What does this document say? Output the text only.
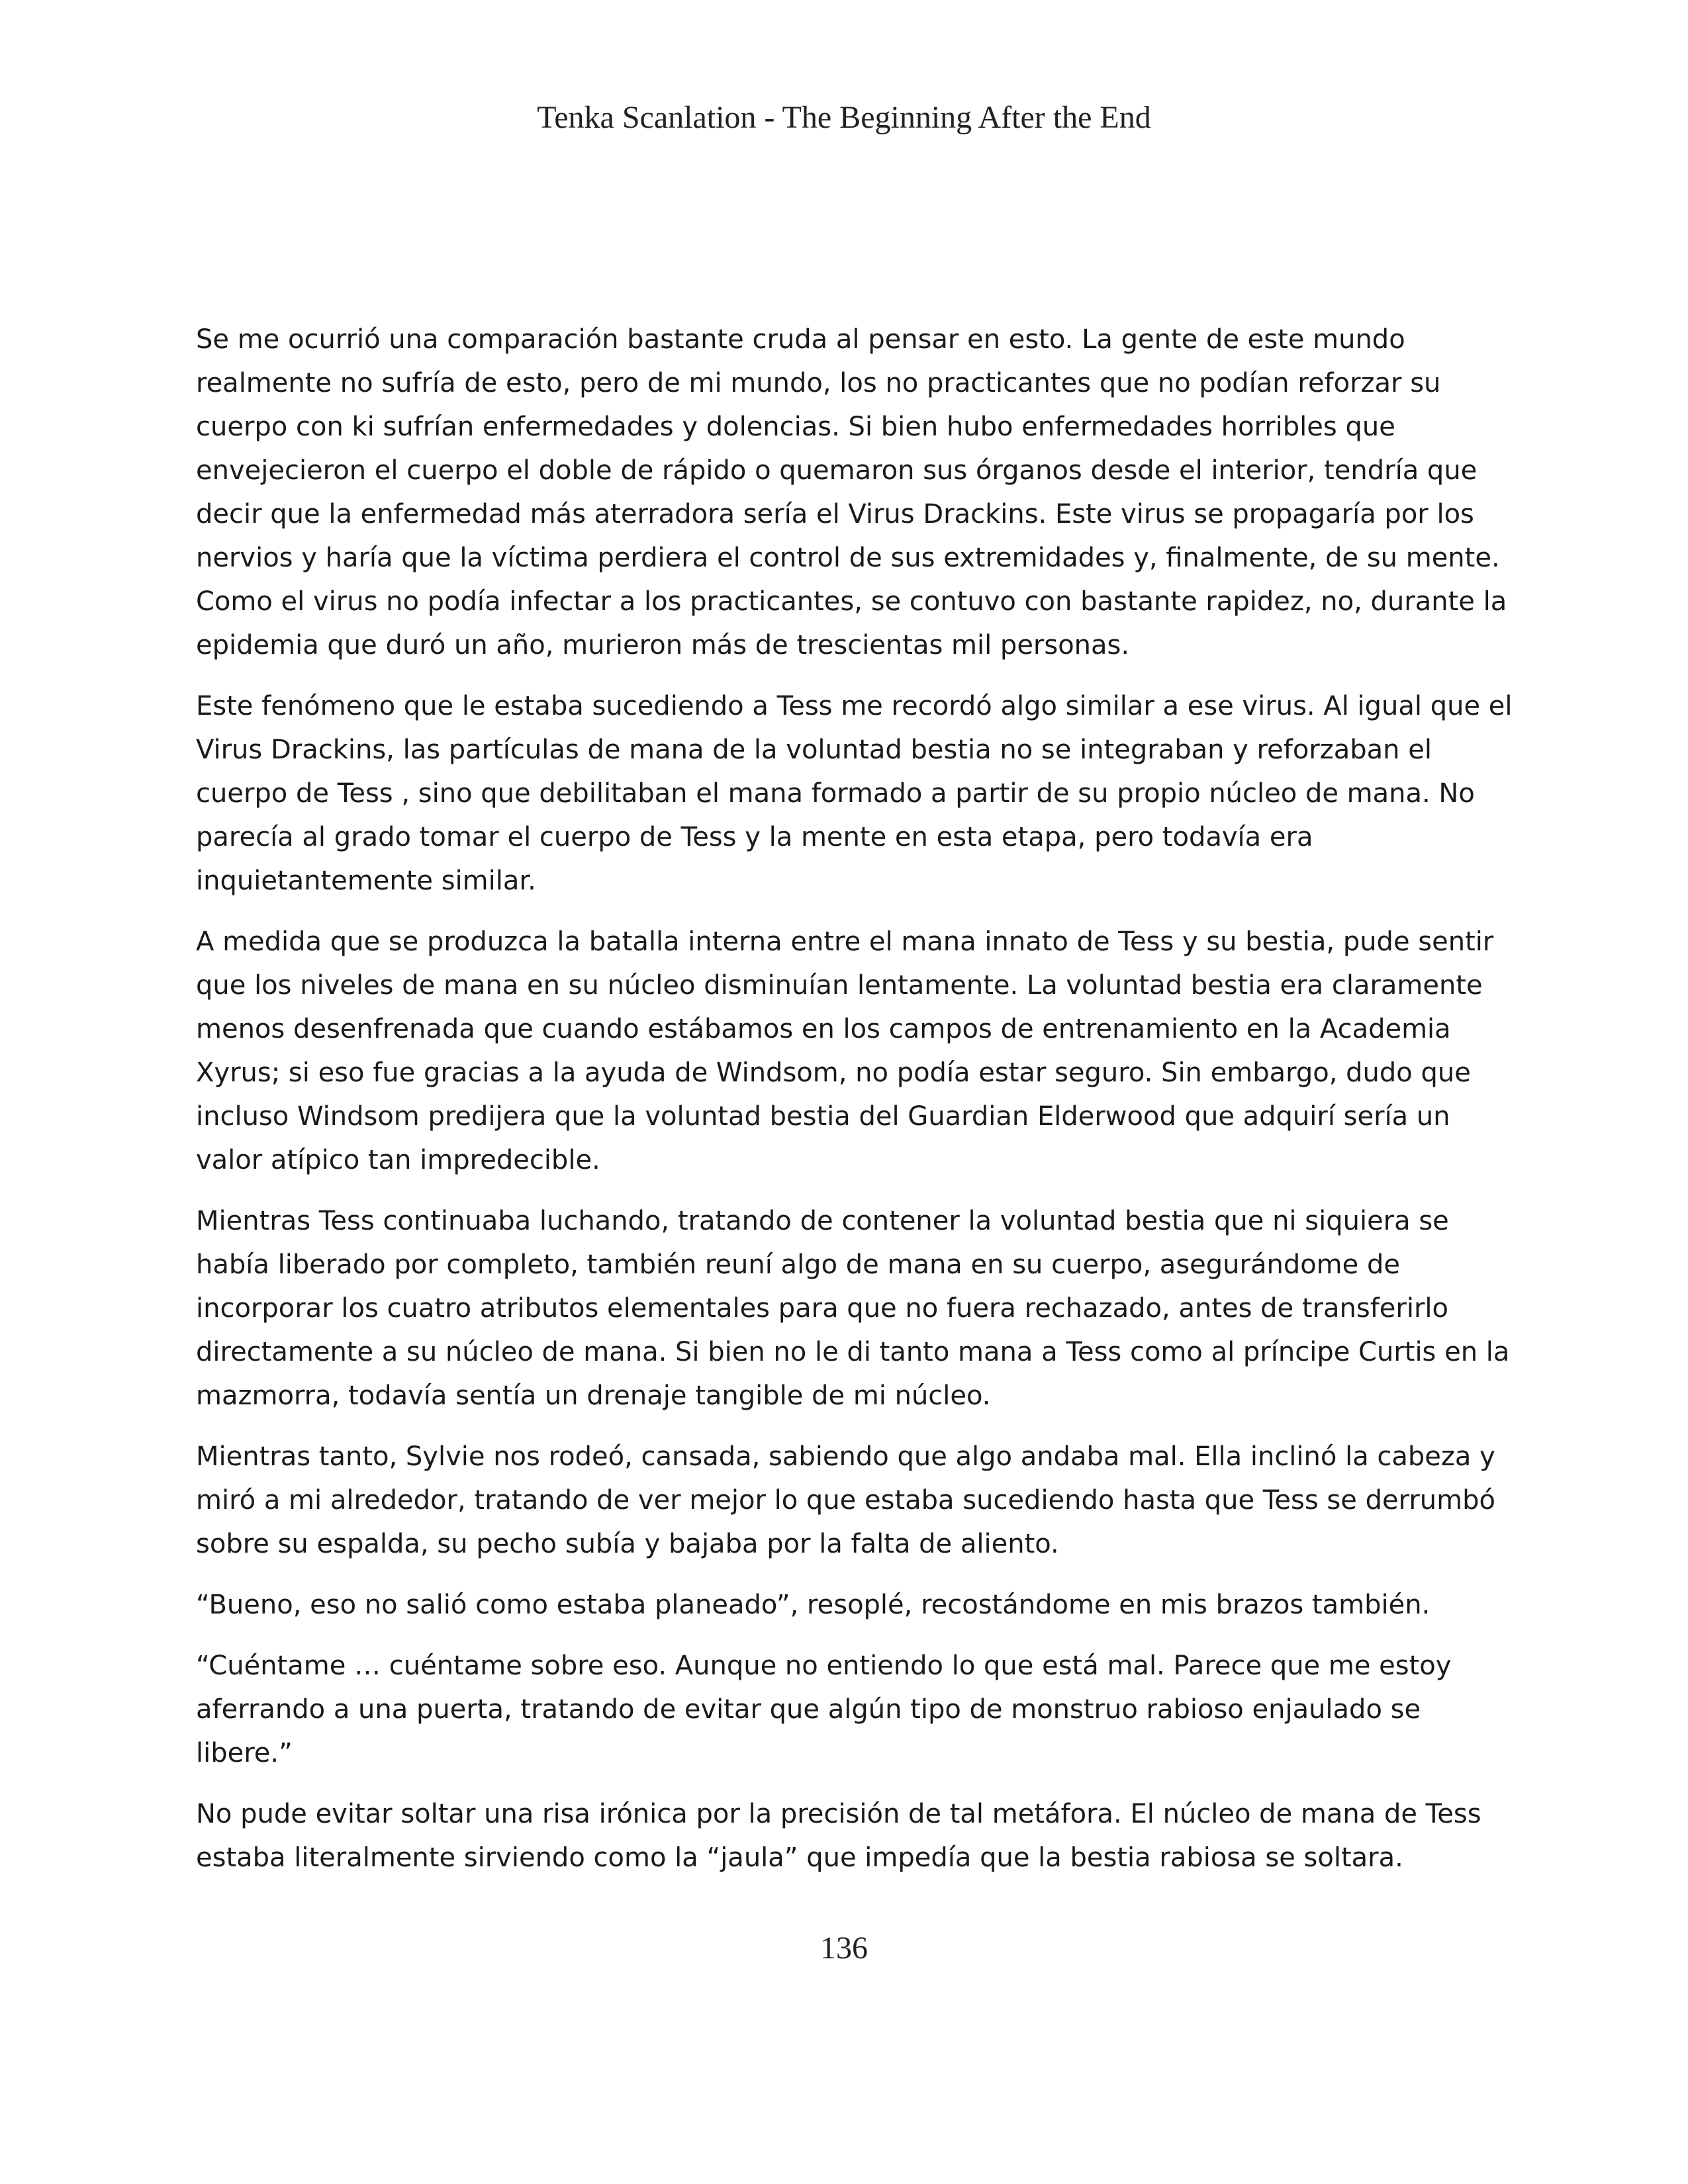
Tenka Scanlation - The Beginning After the End

Se me ocurrió una comparación bastante cruda al pensar en esto. La gente de este mundo realmente no sufría de esto, pero de mi mundo, los no practicantes que no podían reforzar su cuerpo con ki sufrían enfermedades y dolencias. Si bien hubo enfermedades horribles que envejecieron el cuerpo el doble de rápido o quemaron sus órganos desde el interior, tendría que decir que la enfermedad más aterradora sería el Virus Drackins. Este virus se propagaría por los nervios y haría que la víctima perdiera el control de sus extremidades y, finalmente, de su mente. Como el virus no podía infectar a los practicantes, se contuvo con bastante rapidez, no, durante la epidemia que duró un año, murieron más de trescientas mil personas.

Este fenómeno que le estaba sucediendo a Tess me recordó algo similar a ese virus. Al igual que el Virus Drackins, las partículas de mana de la voluntad bestia no se integraban y reforzaban el cuerpo de Tess , sino que debilitaban el mana formado a partir de su propio núcleo de mana. No parecía al grado tomar el cuerpo de Tess y la mente en esta etapa, pero todavía era inquietantemente similar.

A medida que se produzca la batalla interna entre el mana innato de Tess y su bestia, pude sentir que los niveles de mana en su núcleo disminuían lentamente. La voluntad bestia era claramente menos desenfrenada que cuando estábamos en los campos de entrenamiento en la Academia Xyrus; si eso fue gracias a la ayuda de Windsom, no podía estar seguro. Sin embargo, dudo que incluso Windsom predijera que la voluntad bestia del Guardian Elderwood que adquirí sería un valor atípico tan impredecible.

Mientras Tess continuaba luchando, tratando de contener la voluntad bestia que ni siquiera se había liberado por completo, también reuní algo de mana en su cuerpo, asegurándome de incorporar los cuatro atributos elementales para que no fuera rechazado, antes de transferirlo directamente a su núcleo de mana. Si bien no le di tanto mana a Tess como al príncipe Curtis en la mazmorra, todavía sentía un drenaje tangible de mi núcleo.

Mientras tanto, Sylvie nos rodeó, cansada, sabiendo que algo andaba mal. Ella inclinó la cabeza y miró a mi alrededor, tratando de ver mejor lo que estaba sucediendo hasta que Tess se derrumbó sobre su espalda, su pecho subía y bajaba por la falta de aliento.

“Bueno, eso no salió como estaba planeado”, resoplé, recostándome en mis brazos también.

“Cuéntame … cuéntame sobre eso. Aunque no entiendo lo que está mal. Parece que me estoy aferrando a una puerta, tratando de evitar que algún tipo de monstruo rabioso enjaulado se libere.”

No pude evitar soltar una risa irónica por la precisión de tal metáfora. El núcleo de mana de Tess estaba literalmente sirviendo como la “jaula” que impedía que la bestia rabiosa se soltara.

136
